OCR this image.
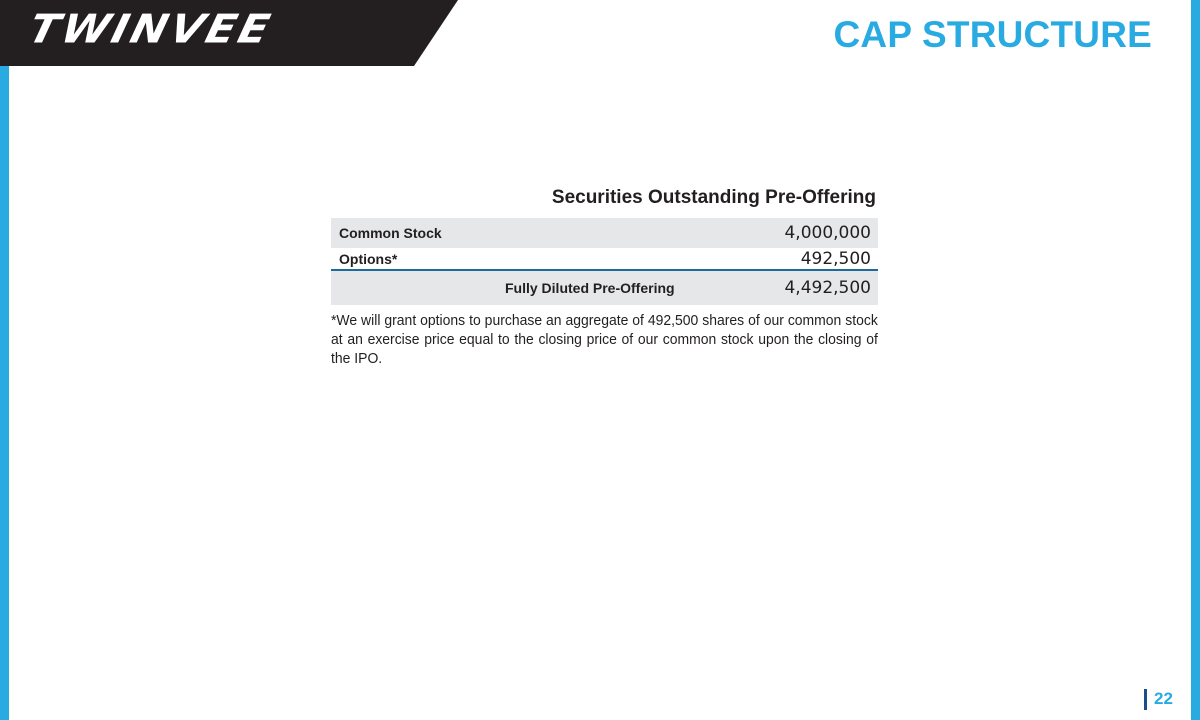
TWINVEE	CAP STRUCTURE
Securities Outstanding Pre-Offering
Common Stock	4,000,000
Options*	492,500
Fully Diluted Pre-Offering	4,492,500
*We will grant options to purchase an aggregate of 492,500 shares of our common stock at an exercise price equal to the closing price of our common stock upon the closing of the IPO.
22
